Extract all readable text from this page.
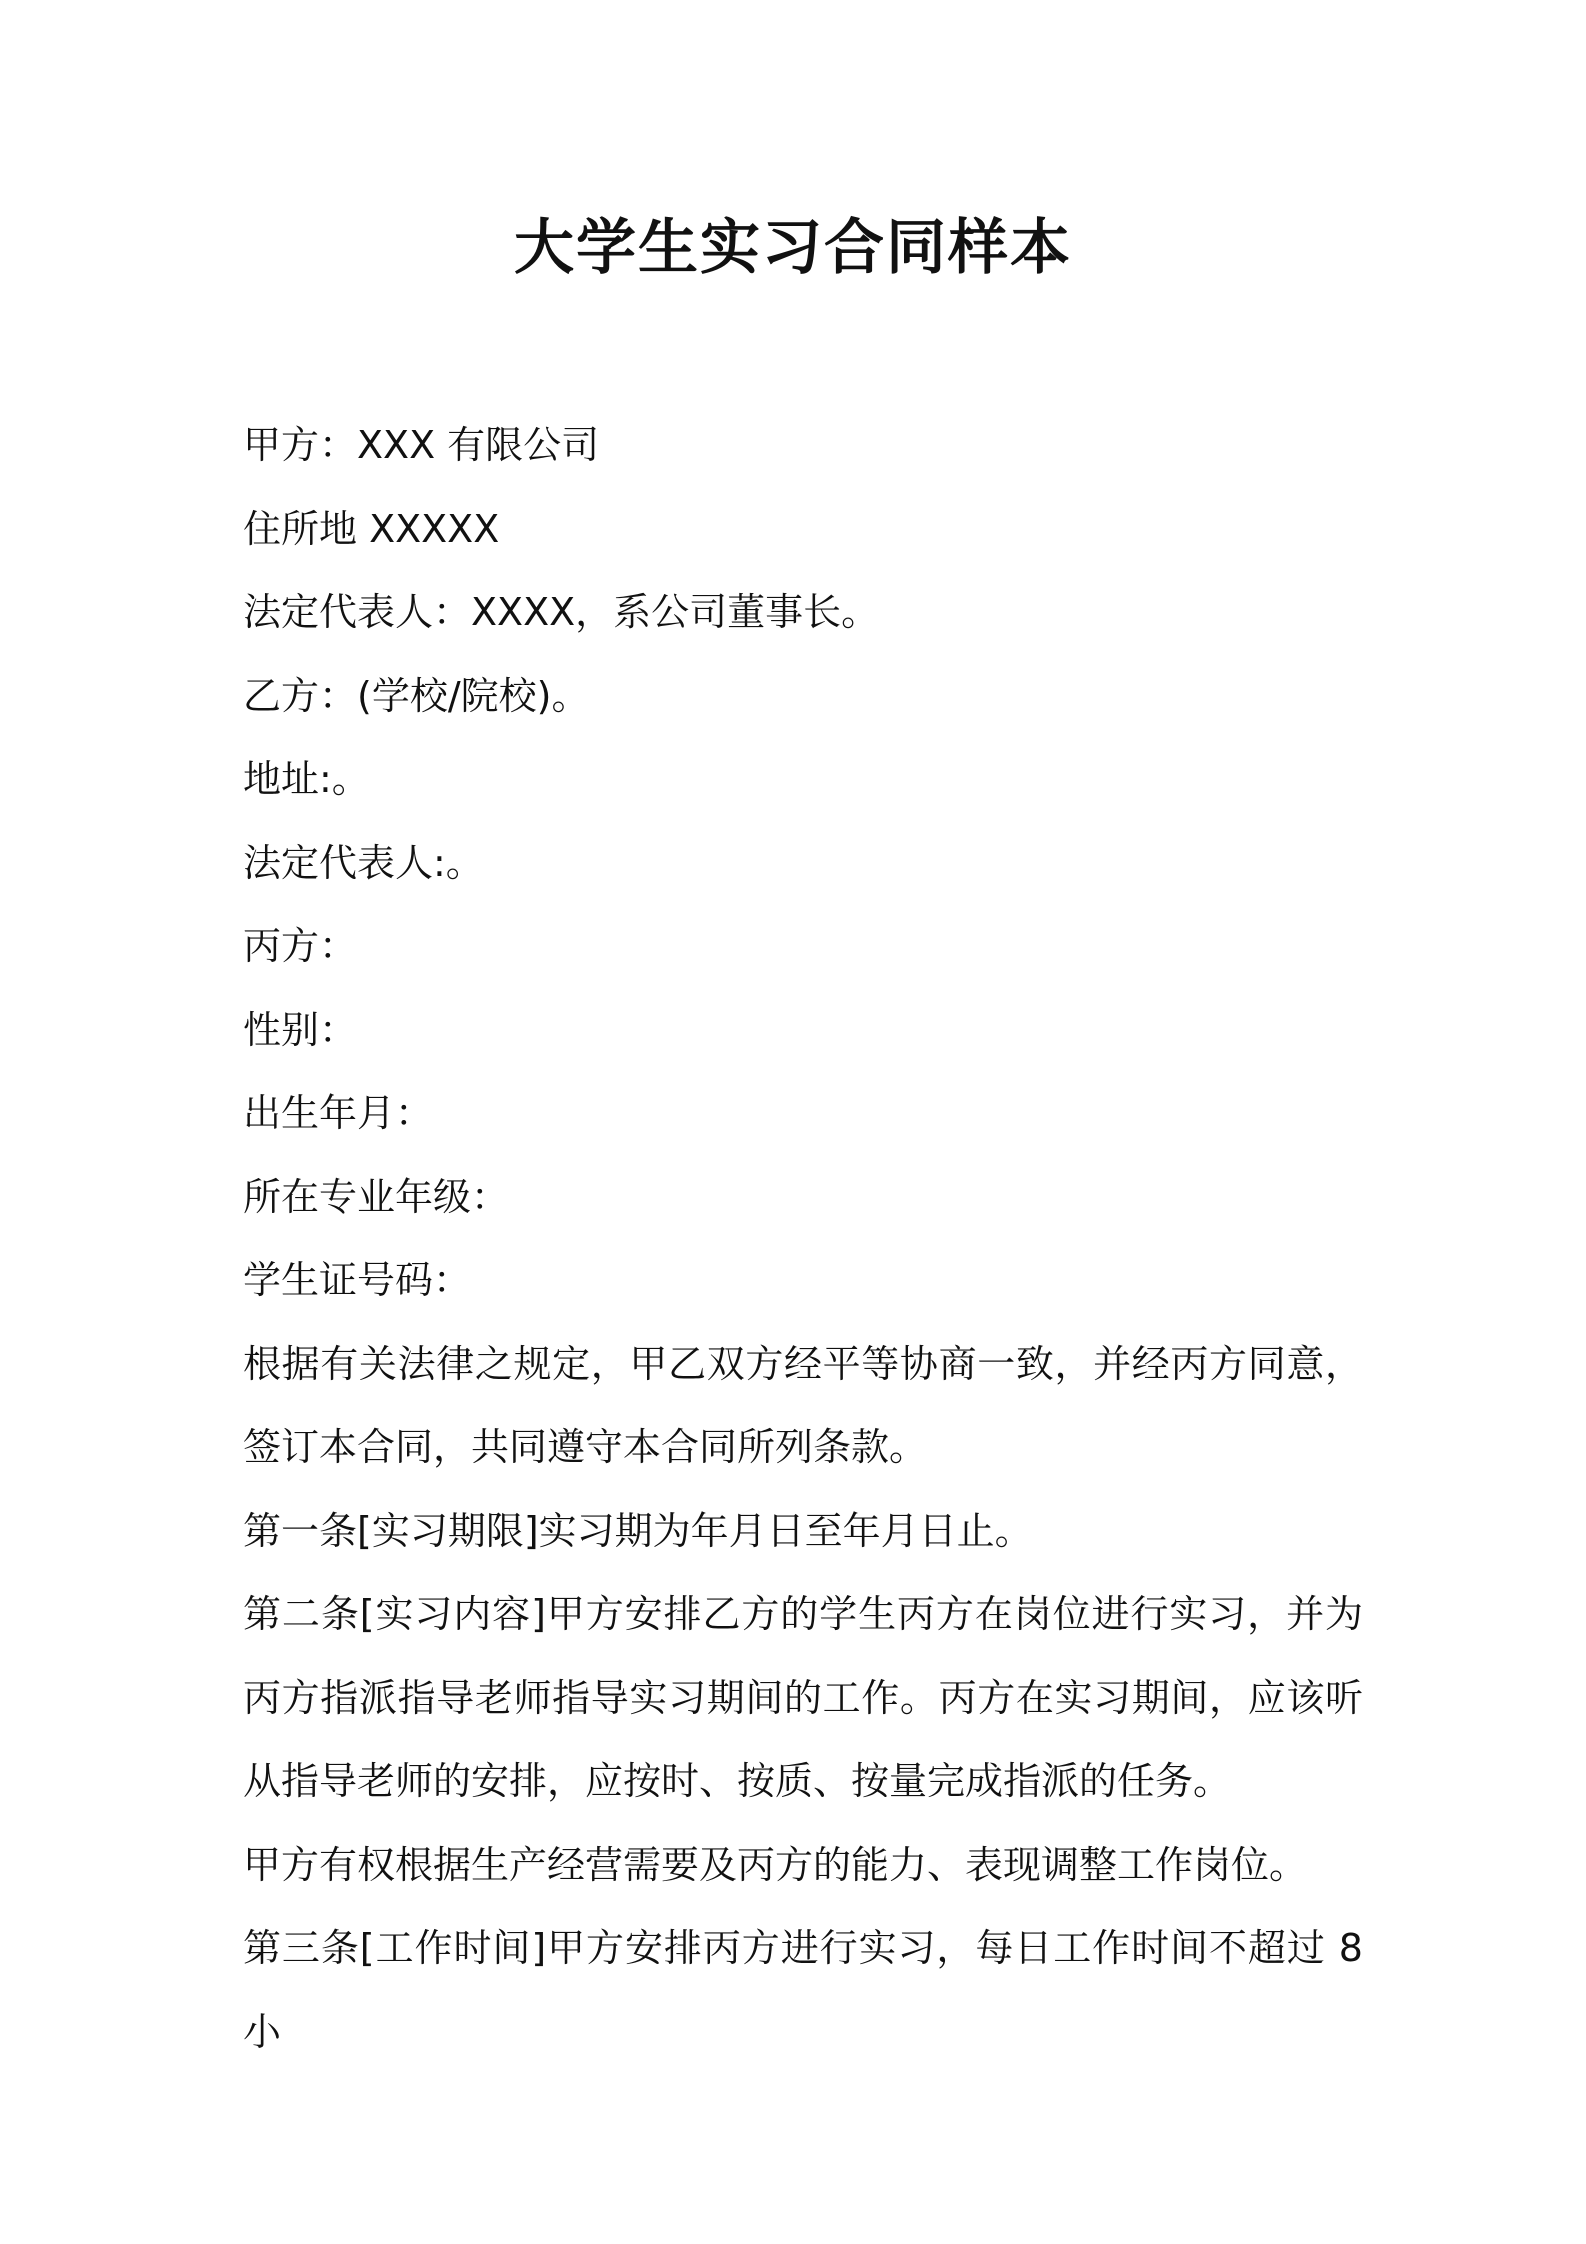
大学生实习合同样本
甲方：XXX 有限公司
住所地 XXXXX
法定代表人：XXXX，系公司董事长。
乙方：(学校/院校)。
地址:。
法定代表人:。
丙方：
性别：
出生年月：
所在专业年级：
学生证号码：

根据有关法律之规定，甲乙双方经平等协商一致，并经丙方同意，签订本合同，共同遵守本合同所列条款。

第一条[实习期限]实习期为年月日至年月日止。

第二条[实习内容]甲方安排乙方的学生丙方在岗位进行实习，并为丙方指派指导老师指导实习期间的工作。丙方在实习期间，应该听从指导老师的安排，应按时、按质、按量完成指派的任务。

甲方有权根据生产经营需要及丙方的能力、表现调整工作岗位。

第三条[工作时间]甲方安排丙方进行实习，每日工作时间不超过 8 小
